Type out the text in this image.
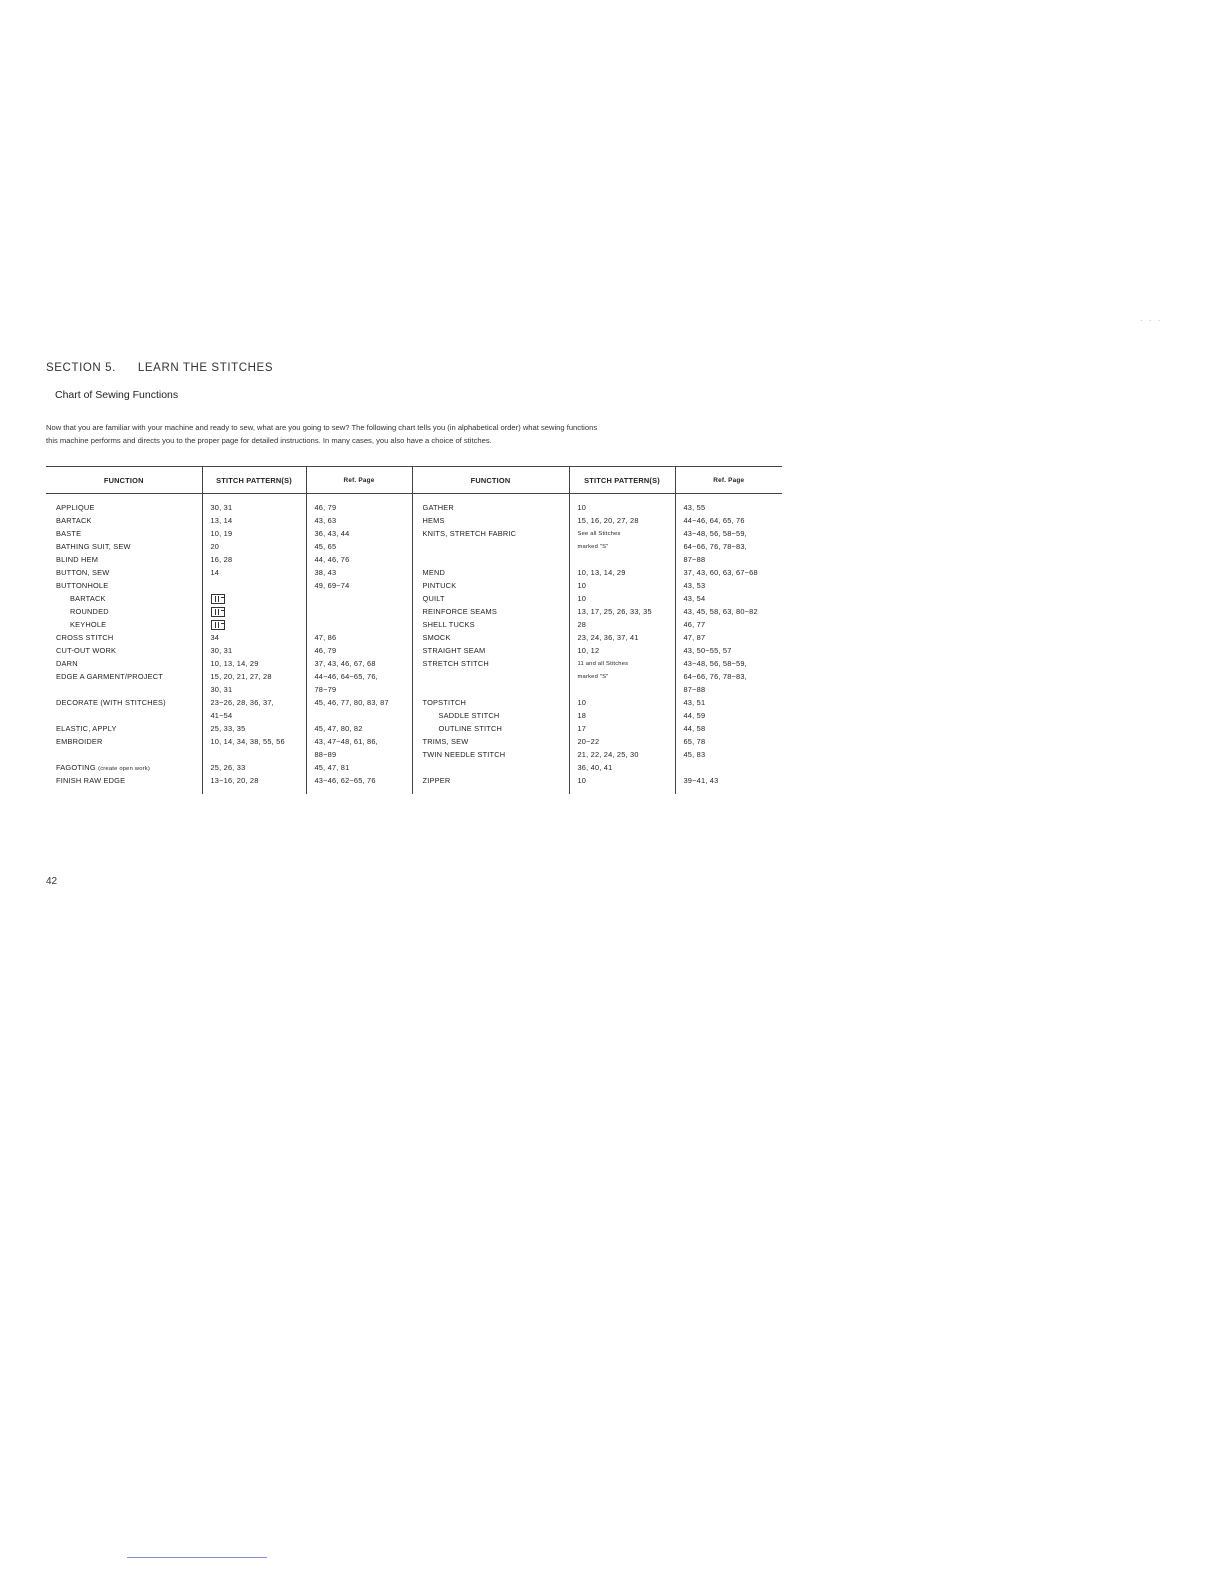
· · ·
SECTION 5. LEARN THE STITCHES
Chart of Sewing Functions

Now that you are familiar with your machine and ready to sew, what are you going to sew? The following chart tells you (in alphabetical order) what sewing functions

this machine performs and directs you to the proper page for detailed instructions. In many cases, you also have a choice of stitches.

FUNCTION	STITCH PATTERN(S)	Ref. Page	FUNCTION	STITCH PATTERN(S)	Ref. Page

APPLIQUE	30, 31	46, 79	GATHER	10	43, 55
BARTACK	13, 14	43, 63	HEMS	15, 16, 20, 27, 28	44~46, 64, 65, 76
BASTE	10, 19	36, 43, 44	KNITS, STRETCH FABRIC	See all Stitches	43~48, 56, 58~59,
BATHING SUIT, SEW	20	45, 65		marked "S"	64~66, 76, 78~83,
BLIND HEM	16, 28	44, 46, 76			87~88
BUTTON, SEW	14	38, 43	MEND	10, 13, 14, 29	37, 43, 60, 63, 67~68
BUTTONHOLE		49, 69~74	PINTUCK	10	43, 53
BARTACK			QUILT	10	43, 54
ROUNDED			REINFORCE SEAMS	13, 17, 25, 26, 33, 35	43, 45, 58, 63, 80~82
KEYHOLE			SHELL TUCKS	28	46, 77
CROSS STITCH	34	47, 86	SMOCK	23, 24, 36, 37, 41	47, 87
CUT-OUT WORK	30, 31	46, 79	STRAIGHT SEAM	10, 12	43, 50~55, 57
DARN	10, 13, 14, 29	37, 43, 46, 67, 68	STRETCH STITCH	11 and all Stitches	43~48, 56, 58~59,
EDGE A GARMENT/PROJECT	15, 20, 21, 27, 28	44~46, 64~65, 76,		marked "S"	64~66, 76, 78~83,
	30, 31	78~79			87~88
DECORATE (WITH STITCHES)	23~26, 28, 36, 37,	45, 46, 77, 80, 83, 87	TOPSTITCH	10	43, 51
	41~54		SADDLE STITCH	18	44, 59
ELASTIC, APPLY	25, 33, 35	45, 47, 80, 82	OUTLINE STITCH	17	44, 58
EMBROIDER	10, 14, 34, 38, 55, 56	43, 47~48, 61, 86,	TRIMS, SEW	20~22	65, 78
		88~89	TWIN NEEDLE STITCH	21, 22, 24, 25, 30	45, 83
FAGOTING (create open work)	25, 26, 33	45, 47, 81		36, 40, 41	
FINISH RAW EDGE	13~16, 20, 28	43~46, 62~65, 76	ZIPPER	10	39~41, 43

42
